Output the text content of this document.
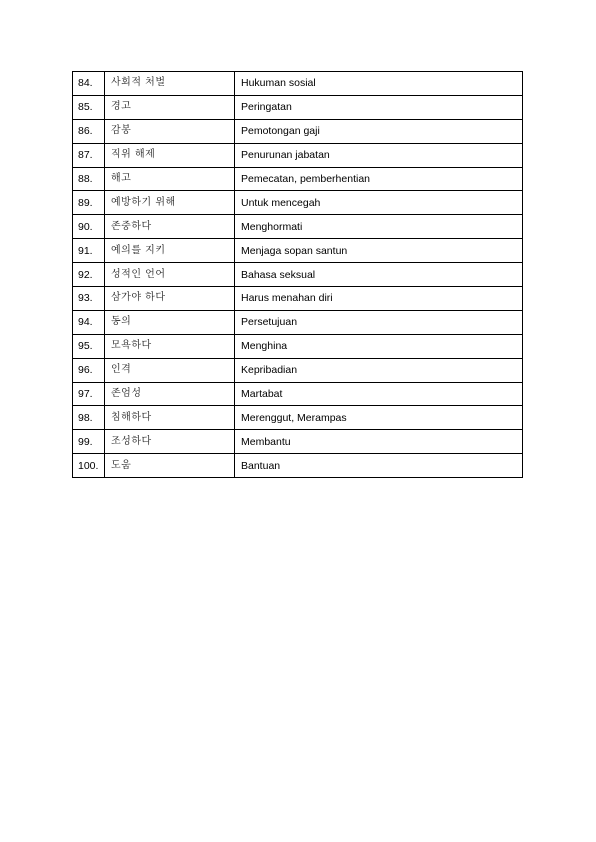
84.	사회적 처벌	Hukuman sosial
85.	경고	Peringatan
86.	감봉	Pemotongan gaji
87.	직위 해제	Penurunan jabatan
88.	해고	Pemecatan, pemberhentian
89.	예방하기 위해	Untuk mencegah
90.	존중하다	Menghormati
91.	예의를 지키	Menjaga sopan santun
92.	성적인 언어	Bahasa seksual
93.	삼가야 하다	Harus menahan diri
94.	동의	Persetujuan
95.	모욕하다	Menghina
96.	인격	Kepribadian
97.	존엄성	Martabat
98.	침해하다	Merenggut, Merampas
99.	조성하다	Membantu
100.	도움	Bantuan
